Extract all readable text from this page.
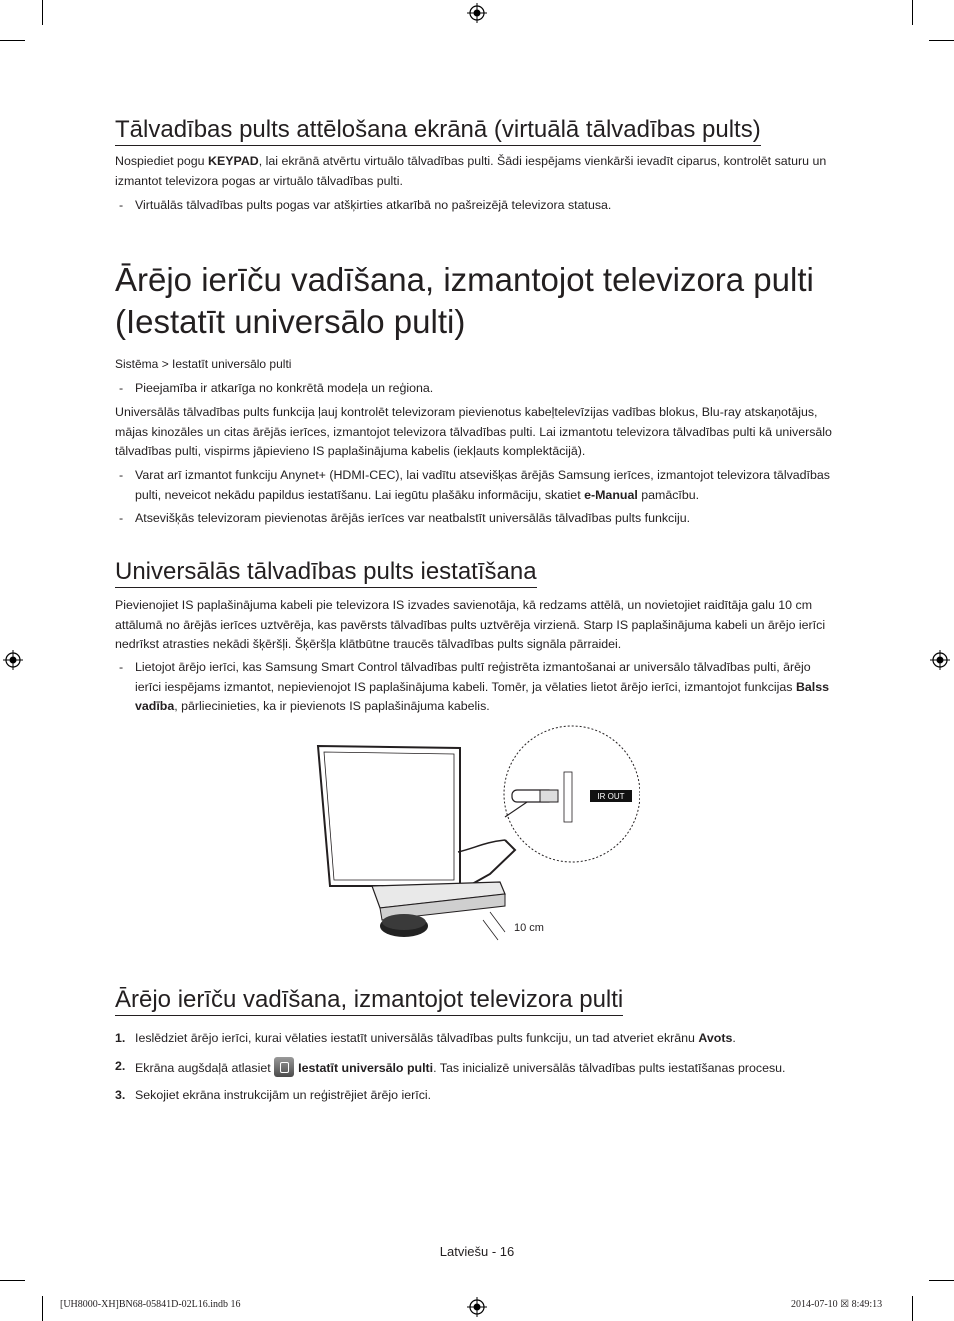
Tālvadības pults attēlošana ekrānā (virtuālā tālvadības pults)
Nospiediet pogu KEYPAD, lai ekrānā atvērtu virtuālo tālvadības pulti. Šādi iespējams vienkārši ievadīt ciparus, kontrolēt saturu un izmantot televizora pogas ar virtuālo tālvadības pulti.
- Virtuālās tālvadības pults pogas var atšķirties atkarībā no pašreizējā televizora statusa.
Ārējo ierīču vadīšana, izmantojot televizora pulti
(Iestatīt universālo pulti)
Sistēma > Iestatīt universālo pulti
- Pieejamība ir atkarīga no konkrētā modeļa un reģiona.
Universālās tālvadības pults funkcija ļauj kontrolēt televizoram pievienotus kabeļtelevīzijas vadības blokus, Blu-ray atskaņotājus, mājas kinozāles un citas ārējās ierīces, izmantojot televizora tālvadības pulti. Lai izmantotu televizora tālvadības pulti kā universālo tālvadības pulti, vispirms jāpievieno IS paplašinājuma kabelis (iekļauts komplektācijā).
- Varat arī izmantot funkciju Anynet+ (HDMI-CEC), lai vadītu atsevišķas ārējās Samsung ierīces, izmantojot televizora tālvadības pulti, neveicot nekādu papildus iestatīšanu. Lai iegūtu plašāku informāciju, skatiet e-Manual pamācību.
- Atsevišķās televizoram pievienotas ārējās ierīces var neatbalstīt universālās tālvadības pults funkciju.
Universālās tālvadības pults iestatīšana
Pievienojiet IS paplašinājuma kabeli pie televizora IS izvades savienotāja, kā redzams attēlā, un novietojiet raidītāja galu 10 cm attālumā no ārējās ierīces uztvērēja, kas pavērsts tālvadības pults uztvērēja virzienā. Starp IS paplašinājuma kabeli un ārējo ierīci nedrīkst atrasties nekādi šķēršļi. Šķēršļa klātbūtne traucēs tālvadības pults signāla pārraidei.
- Lietojot ārējo ierīci, kas Samsung Smart Control tālvadības pultī reģistrēta izmantošanai ar universālo tālvadības pulti, ārējo ierīci iespējams izmantot, nepievienojot IS paplašinājuma kabeli. Tomēr, ja vēlaties lietot ārējo ierīci, izmantojot funkcijas Balss vadība, pārliecinieties, ka ir pievienots IS paplašinājuma kabelis.
IR OUT
10 cm
Ārējo ierīču vadīšana, izmantojot televizora pulti
1. Ieslēdziet ārējo ierīci, kurai vēlaties iestatīt universālās tālvadības pults funkciju, un tad atveriet ekrānu Avots.
2. Ekrāna augšdaļā atlasiet Iestatīt universālo pulti. Tas inicializē universālās tālvadības pults iestatīšanas procesu.
3. Sekojiet ekrāna instrukcijām un reģistrējiet ārējo ierīci.
Latviešu - 16
[UH8000-XH]BN68-05841D-02L16.indb 16	2014-07-10 ☒ 8:49:13
